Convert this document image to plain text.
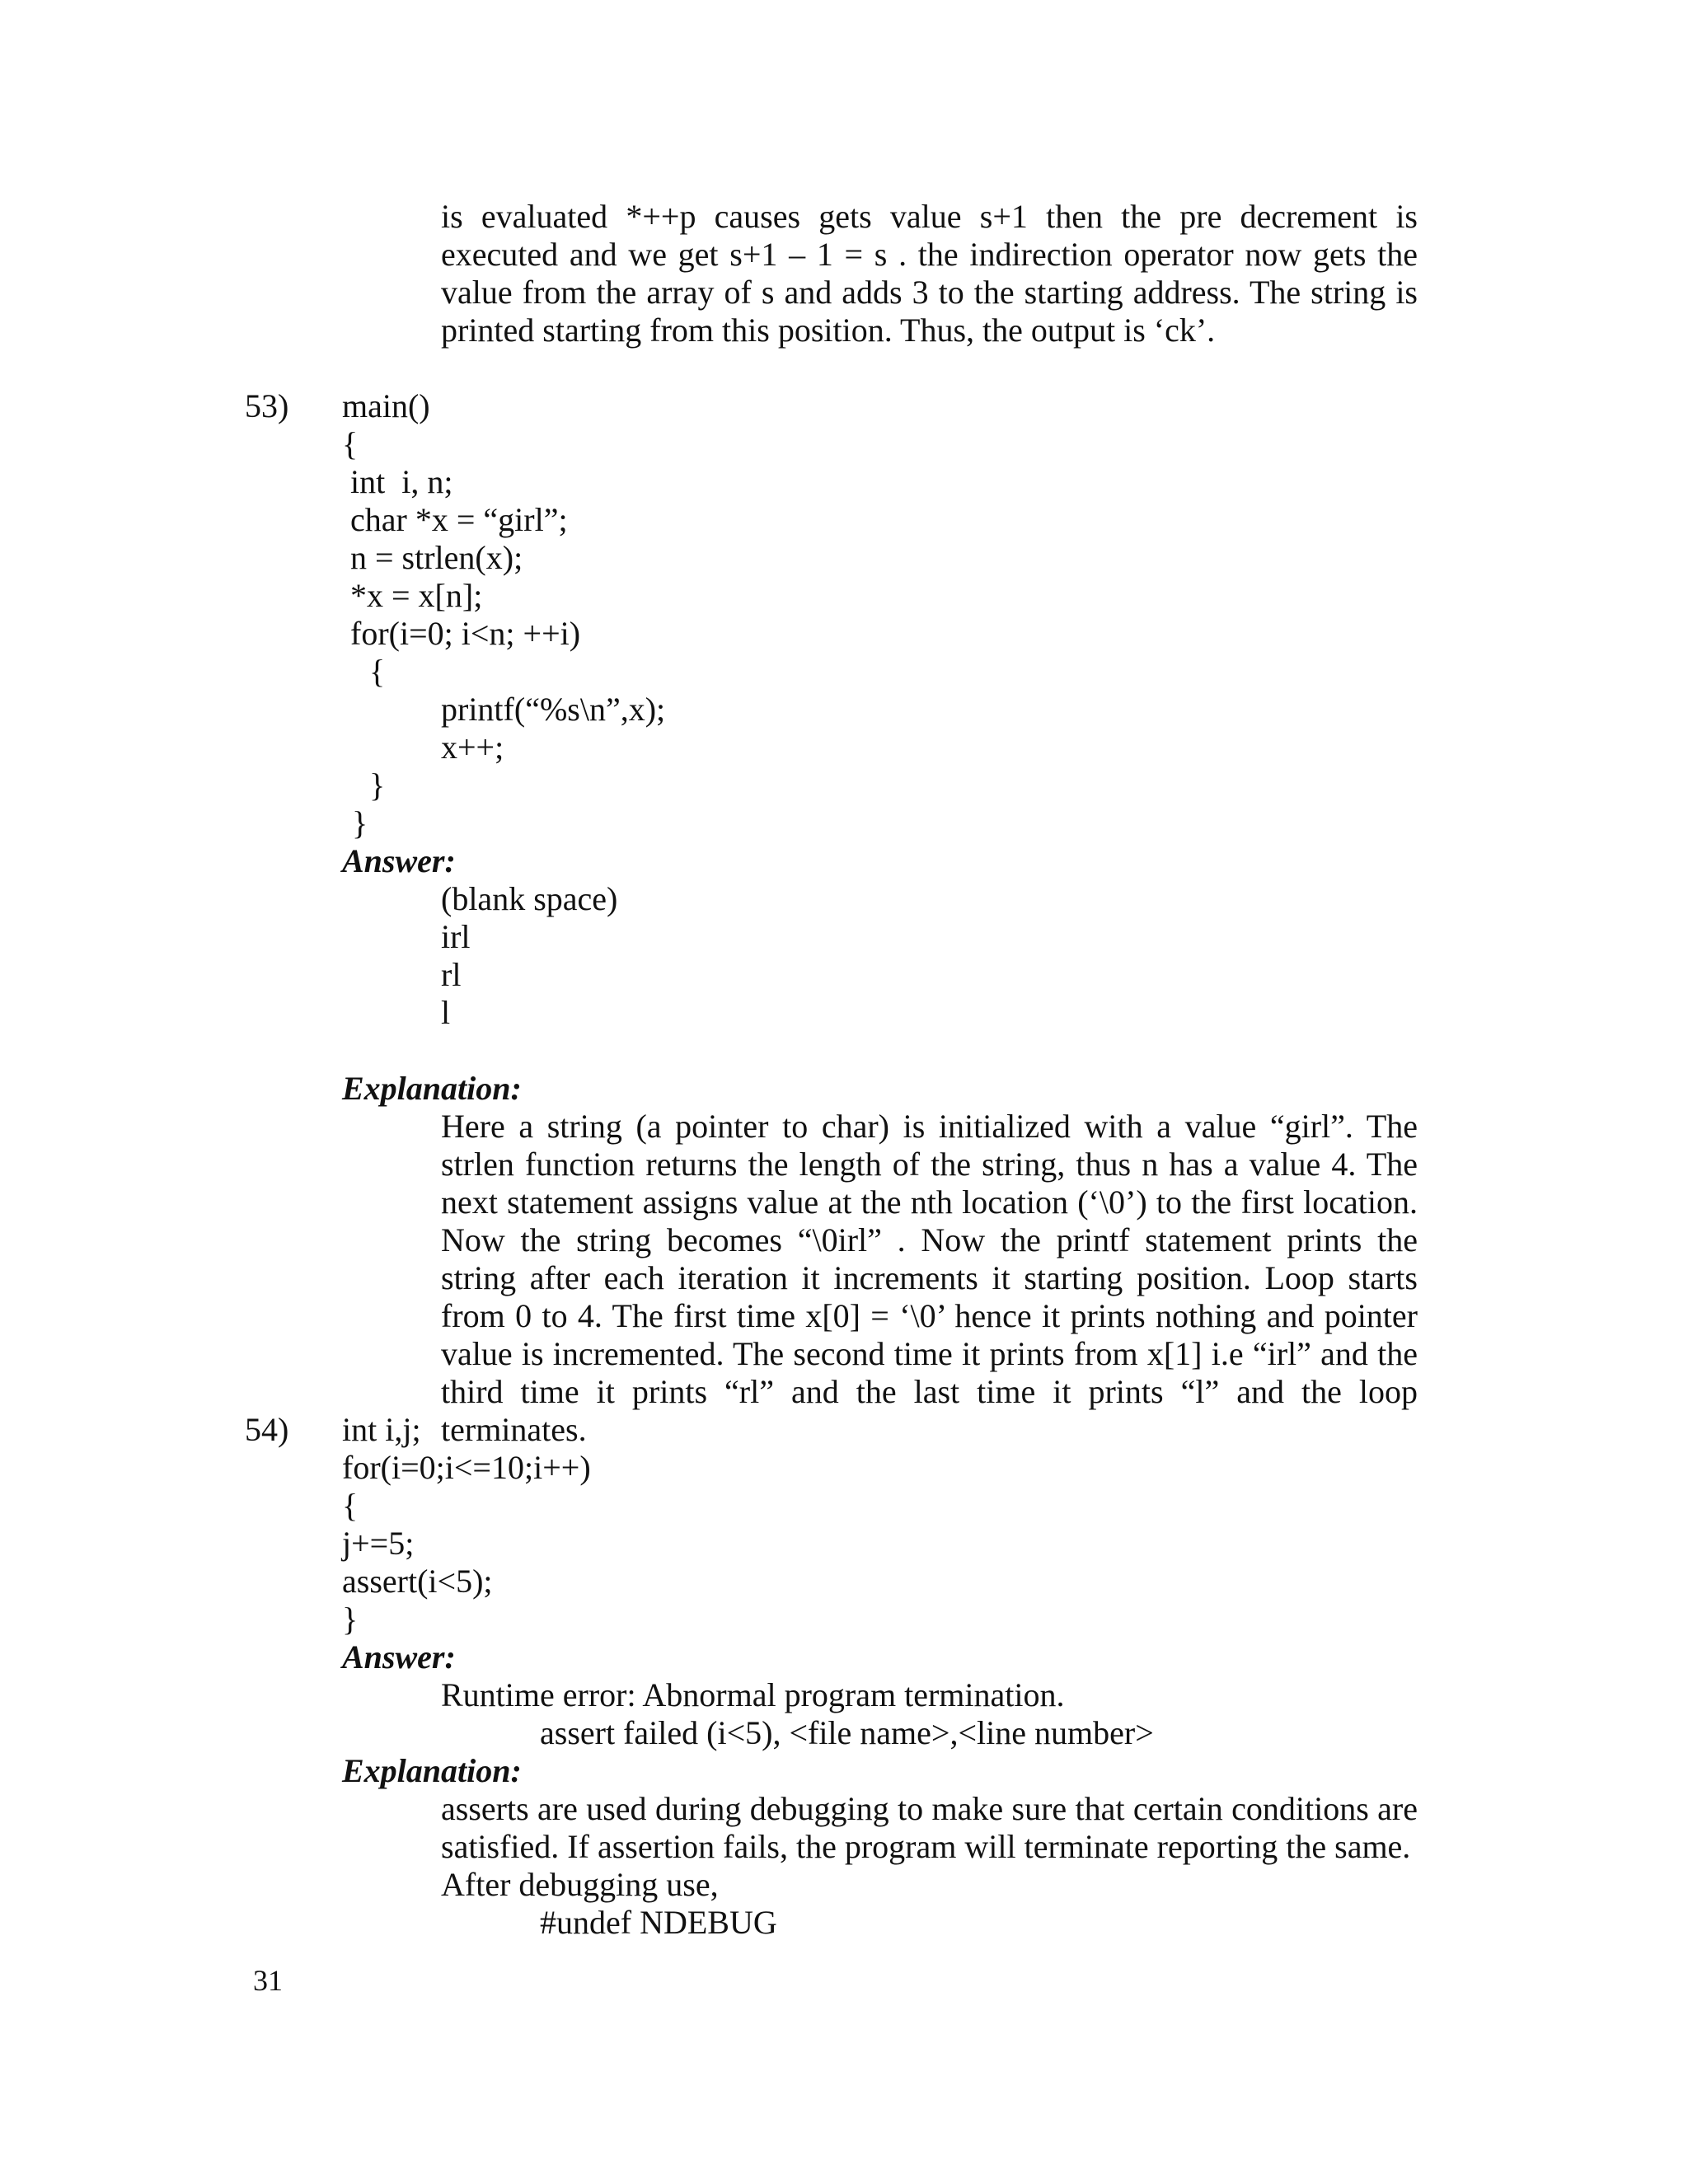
is evaluated *++p causes gets value s+1 then the pre decrement is executed and we get s+1 – 1 = s . the indirection operator now gets the value from the array of s and adds 3 to the starting address. The string is printed starting from this position. Thus, the output is ‘ck’.

53) main()

{

int  i, n;

char *x = “girl”;

n = strlen(x);

*x = x[n];

for(i=0; i<n; ++i)

{

printf(“%s\n”,x);

x++;

}

}

Answer:

(blank space)

irl

rl

l

Explanation:

Here a string (a pointer to char) is initialized with a value “girl”. The strlen function returns the length of the string, thus n has a value 4. The next statement assigns value at the nth location (‘\0’) to the first location. Now the string becomes “\0irl” . Now the printf statement prints the string after each iteration it increments it starting position. Loop starts from 0 to 4. The first time x[0] = ‘\0’ hence it prints nothing and pointer value is incremented. The second time it prints from x[1] i.e “irl” and the third time it prints “rl” and the last time it prints “l” and the loop terminates.

54) int i,j;

for(i=0;i<=10;i++)

{

j+=5;

assert(i<5);

}

Answer:

Runtime error: Abnormal program termination.

assert failed (i<5), <file name>,<line number>

Explanation:

asserts are used during debugging to make sure that certain conditions are satisfied. If assertion fails, the program will terminate reporting the same.

After debugging use,

#undef NDEBUG

31
